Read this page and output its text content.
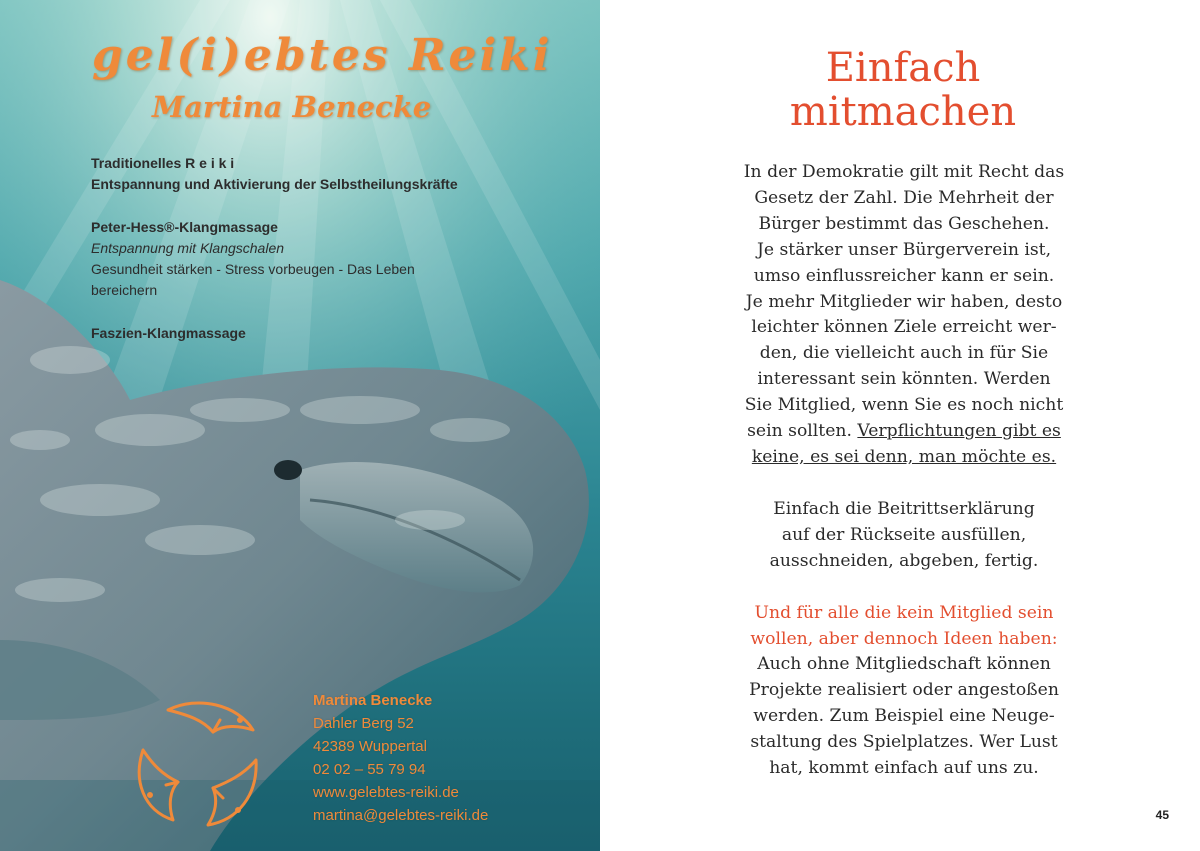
gel(i)ebtes Reiki
Martina Benecke
Traditionelles R e i k i
Entspannung und Aktivierung der Selbstheilungskräfte
Peter-Hess®-Klangmassage
Entspannung mit Klangschalen
Gesundheit stärken - Stress vorbeugen - Das Leben
bereichern
Faszien-Klangmassage
Martina Benecke
Dahler Berg 52
42389 Wuppertal
02 02 – 55 79 94
www.gelebtes-reiki.de
martina@gelebtes-reiki.de
Einfach
mitmachen

In der Demokratie gilt mit Recht das
Gesetz der Zahl. Die Mehrheit der
Bürger bestimmt das Geschehen.
Je stärker unser Bürgerverein ist,
umso einflussreicher kann er sein.
Je mehr Mitglieder wir haben, desto
leichter können Ziele erreicht wer-
den, die vielleicht auch in für Sie
interessant sein könnten. Werden
Sie Mitglied, wenn Sie es noch nicht
sein sollten. Verpflichtungen gibt es
keine, es sei denn, man möchte es.

Einfach die Beitrittserklärung
auf der Rückseite ausfüllen,
ausschneiden, abgeben, fertig.

Und für alle die kein Mitglied sein
wollen, aber dennoch Ideen haben:
Auch ohne Mitgliedschaft können
Projekte realisiert oder angestoßen
werden. Zum Beispiel eine Neuge-
staltung des Spielplatzes. Wer Lust
hat, kommt einfach auf uns zu.

45
